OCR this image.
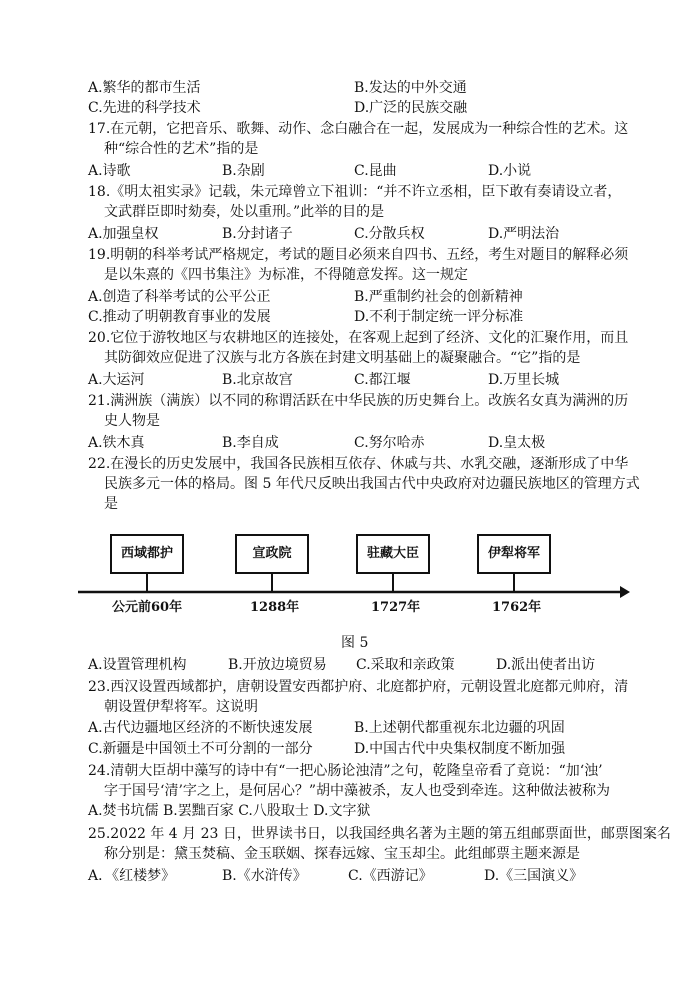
A.繁华的都市生活	B.发达的中外交通
C.先进的科学技术	D.广泛的民族交融
17.在元朝，它把音乐、歌舞、动作、念白融合在一起，发展成为一种综合性的艺术。这
种“综合性的艺术”指的是
A.诗歌	B.杂剧	C.昆曲	D.小说
18.《明太祖实录》记载，朱元璋曾立下祖训：“并不许立丞相，臣下敢有奏请设立者，
文武群臣即时劾奏，处以重刑。”此举的目的是
A.加强皇权	B.分封诸子	C.分散兵权	D.严明法治
19.明朝的科举考试严格规定，考试的题目必须来自四书、五经，考生对题目的解释必须
是以朱熹的《四书集注》为标准，不得随意发挥。这一规定
A.创造了科举考试的公平公正	B.严重制约社会的创新精神
C.推动了明朝教育事业的发展	D.不利于制定统一评分标准
20.它位于游牧地区与农耕地区的连接处，在客观上起到了经济、文化的汇聚作用，而且
其防御效应促进了汉族与北方各族在封建文明基础上的凝聚融合。“它”指的是
A.大运河	B.北京故宫	C.都江堰	D.万里长城
21.满洲族（满族）以不同的称谓活跃在中华民族的历史舞台上。改族名女真为满洲的历
史人物是
A.铁木真	B.李自成	C.努尔哈赤	D.皇太极
22.在漫长的历史发展中，我国各民族相互依存、休戚与共、水乳交融，逐渐形成了中华
民族多元一体的格局。图 5 年代尺反映出我国古代中央政府对边疆民族地区的管理方式
是
西域都护	宣政院	驻藏大臣	伊犁将军
公元前60年	1288年	1727年	1762年
图 5
A.设置管理机构	B.开放边境贸易 C.采取和亲政策	D.派出使者出访
23.西汉设置西域都护，唐朝设置安西都护府、北庭都护府，元朝设置北庭都元帅府，清
朝设置伊犁将军。这说明
A.古代边疆地区经济的不断快速发展	B.上述朝代都重视东北边疆的巩固
C.新疆是中国领土不可分割的一部分	D.中国古代中央集权制度不断加强
24.清朝大臣胡中藻写的诗中有“一把心肠论浊清”之句，乾隆皇帝看了竟说：“加‘浊’
字于国号‘清’字之上，是何居心？”胡中藻被杀，友人也受到牵连。这种做法被称为
A.焚书坑儒 B.罢黜百家 C.八股取士 D.文字狱
25.2022 年 4 月 23 日，世界读书日，以我国经典名著为主题的第五组邮票面世，邮票图案名
称分别是：黛玉焚稿、金玉联姻、探春远嫁、宝玉却尘。此组邮票主题来源是
A．《红楼梦》	B.《水浒传》	C.《西游记》	D.《三国演义》
